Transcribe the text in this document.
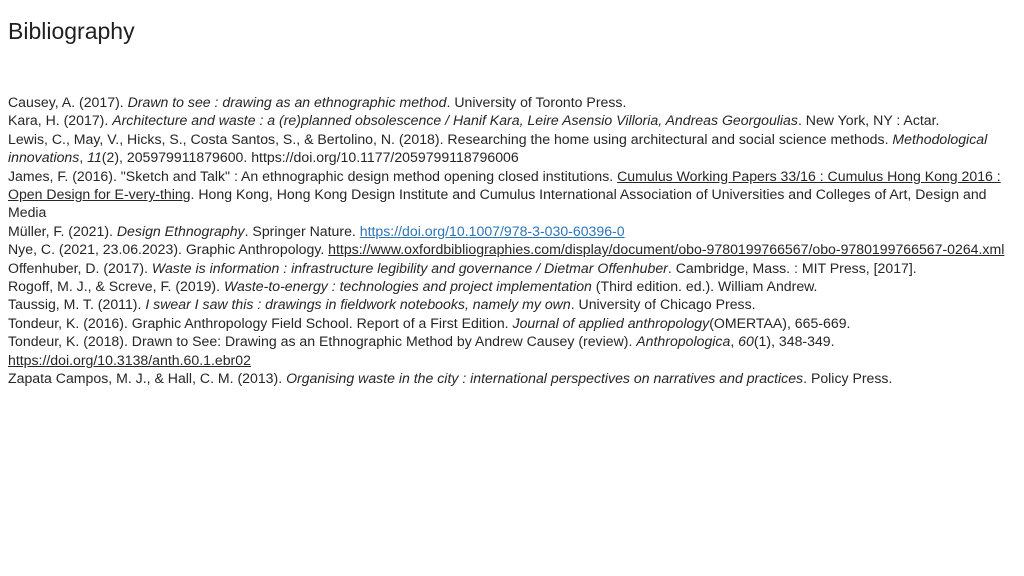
Bibliography

Causey, A. (2017). Drawn to see : drawing as an ethnographic method. University of Toronto Press.

Kara, H. (2017). Architecture and waste : a (re)planned obsolescence / Hanif Kara, Leire Asensio Villoria, Andreas Georgoulias. New York, NY : Actar.

Lewis, C., May, V., Hicks, S., Costa Santos, S., & Bertolino, N. (2018). Researching the home using architectural and social science methods. Methodological innovations, 11(2), 205979911879600. https://doi.org/10.1177/2059799118796006

James, F. (2016). "Sketch and Talk" : An ethnographic design method opening closed institutions. Cumulus Working Papers 33/16 : Cumulus Hong Kong 2016 : Open Design for E-very-thing. Hong Kong, Hong Kong Design Institute and Cumulus International Association of Universities and Colleges of Art, Design and Media

Müller, F. (2021). Design Ethnography. Springer Nature. https://doi.org/10.1007/978-3-030-60396-0

Nye, C. (2021, 23.06.2023). Graphic Anthropology. https://www.oxfordbibliographies.com/display/document/obo-9780199766567/obo-9780199766567-0264.xml

Offenhuber, D. (2017). Waste is information : infrastructure legibility and governance / Dietmar Offenhuber. Cambridge, Mass. : MIT Press, [2017].

Rogoff, M. J., & Screve, F. (2019). Waste-to-energy : technologies and project implementation (Third edition. ed.). William Andrew.

Taussig, M. T. (2011). I swear I saw this : drawings in fieldwork notebooks, namely my own. University of Chicago Press.

Tondeur, K. (2016). Graphic Anthropology Field School. Report of a First Edition. Journal of applied anthropology(OMERTAA), 665-669.

Tondeur, K. (2018). Drawn to See: Drawing as an Ethnographic Method by Andrew Causey (review). Anthropologica, 60(1), 348-349. https://doi.org/10.3138/anth.60.1.ebr02

Zapata Campos, M. J., & Hall, C. M. (2013). Organising waste in the city : international perspectives on narratives and practices. Policy Press.
